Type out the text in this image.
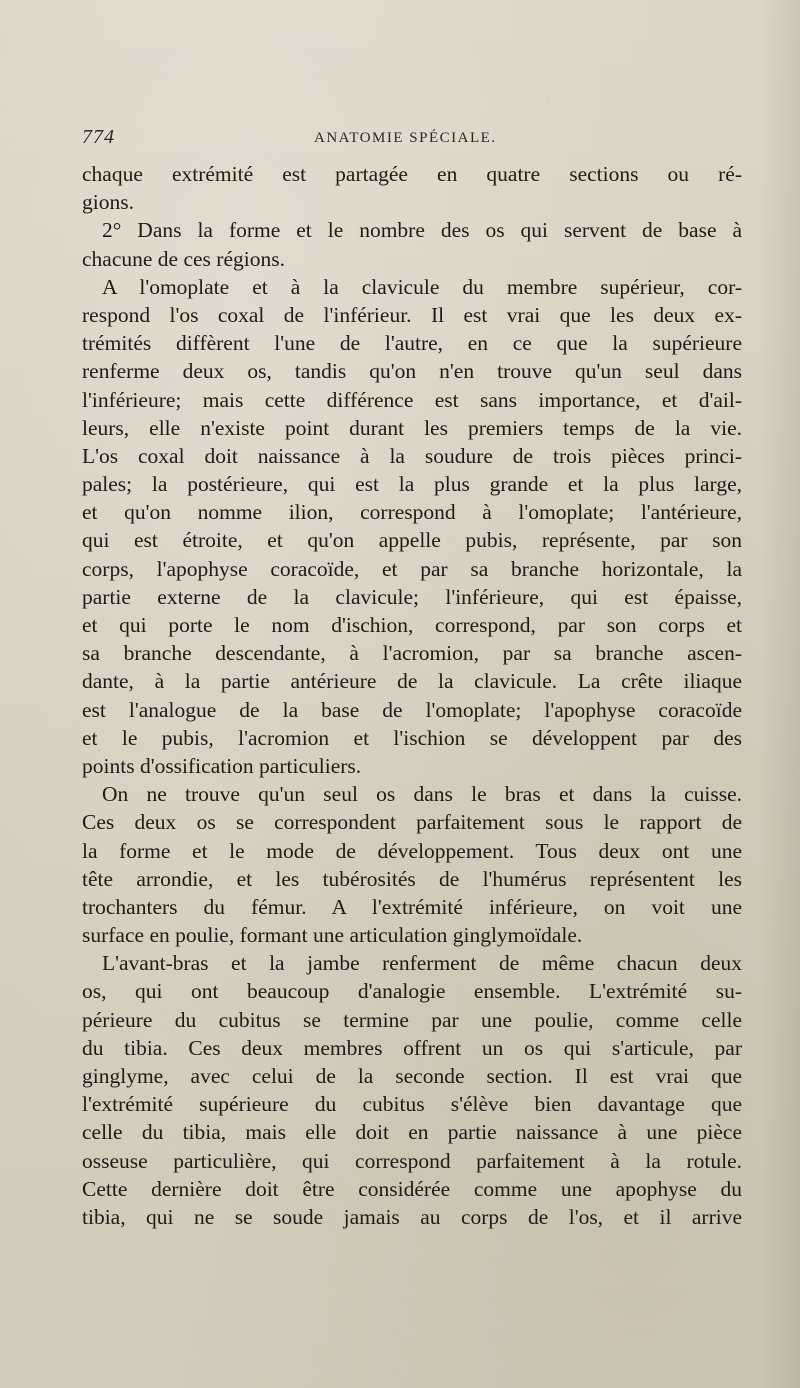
774	ANATOMIE SPÉCIALE.
chaque extrémité est partagée en quatre sections ou ré-
gions.
2° Dans la forme et le nombre des os qui servent de base à
chacune de ces régions.
A l'omoplate et à la clavicule du membre supérieur, cor-
respond l'os coxal de l'inférieur. Il est vrai que les deux ex-
trémités diffèrent l'une de l'autre, en ce que la supérieure
renferme deux os, tandis qu'on n'en trouve qu'un seul dans
l'inférieure; mais cette différence est sans importance, et d'ail-
leurs, elle n'existe point durant les premiers temps de la vie.
L'os coxal doit naissance à la soudure de trois pièces princi-
pales; la postérieure, qui est la plus grande et la plus large,
et qu'on nomme ilion, correspond à l'omoplate; l'antérieure,
qui est étroite, et qu'on appelle pubis, représente, par son
corps, l'apophyse coracoïde, et par sa branche horizontale, la
partie externe de la clavicule; l'inférieure, qui est épaisse,
et qui porte le nom d'ischion, correspond, par son corps et
sa branche descendante, à l'acromion, par sa branche ascen-
dante, à la partie antérieure de la clavicule. La crête iliaque
est l'analogue de la base de l'omoplate; l'apophyse coracoïde
et le pubis, l'acromion et l'ischion se développent par des
points d'ossification particuliers.
On ne trouve qu'un seul os dans le bras et dans la cuisse.
Ces deux os se correspondent parfaitement sous le rapport de
la forme et le mode de développement. Tous deux ont une
tête arrondie, et les tubérosités de l'humérus représentent les
trochanters du fémur. A l'extrémité inférieure, on voit une
surface en poulie, formant une articulation ginglymoïdale.
L'avant-bras et la jambe renferment de même chacun deux
os, qui ont beaucoup d'analogie ensemble. L'extrémité su-
périeure du cubitus se termine par une poulie, comme celle
du tibia. Ces deux membres offrent un os qui s'articule, par
ginglyme, avec celui de la seconde section. Il est vrai que
l'extrémité supérieure du cubitus s'élève bien davantage que
celle du tibia, mais elle doit en partie naissance à une pièce
osseuse particulière, qui correspond parfaitement à la rotule.
Cette dernière doit être considérée comme une apophyse du
tibia, qui ne se soude jamais au corps de l'os, et il arrive
